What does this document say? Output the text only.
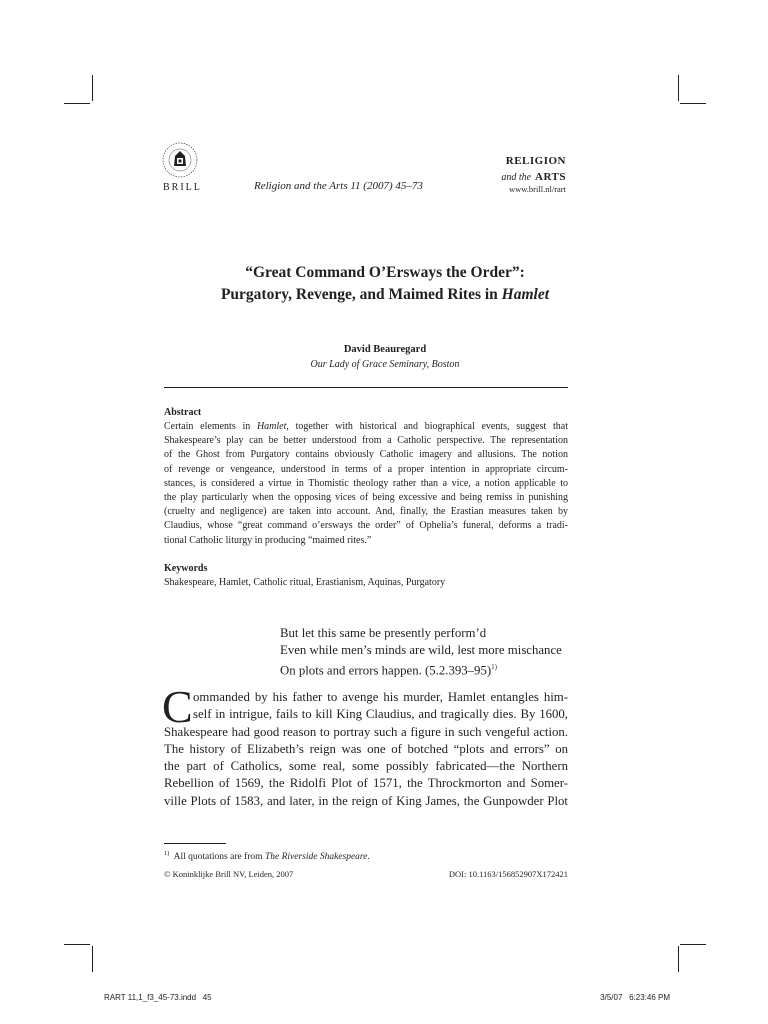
BRILL	Religion and the Arts 11 (2007) 45–73
RELIGION
and the ARTS
www.brill.nl/rart
“Great Command O’Ersways the Order”:
Purgatory, Revenge, and Maimed Rites in Hamlet
David Beauregard
Our Lady of Grace Seminary, Boston
Abstract
Certain elements in Hamlet, together with historical and biographical events, suggest that
Shakespeare’s play can be better understood from a Catholic perspective. The representation
of the Ghost from Purgatory contains obviously Catholic imagery and allusions. The notion
of revenge or vengeance, understood in terms of a proper intention in appropriate circum-
stances, is considered a virtue in Thomistic theology rather than a vice, a notion applicable to
the play particularly when the opposing vices of being excessive and being remiss in punishing
(cruelty and negligence) are taken into account. And, finally, the Erastian measures taken by
Claudius, whose “great command o’ersways the order” of Ophelia’s funeral, deforms a tradi-
tional Catholic liturgy in producing “maimed rites.”
Keywords
Shakespeare, Hamlet, Catholic ritual, Erastianism, Aquinas, Purgatory
But let this same be presently perform’d
Even while men’s minds are wild, lest more mischance
On plots and errors happen. $(5.2.393-95)^{1)}$
C ommanded by his father to avenge his murder, Hamlet entangles him-
self in intrigue, fails to kill King Claudius, and tragically dies. By 1600,
Shakespeare had good reason to portray such a figure in such vengeful action.
The history of Elizabeth’s reign was one of botched “plots and errors” on
the part of Catholics, some real, some possibly fabricated—the Northern
Rebellion of 1569, the Ridolfi Plot of 1571, the Throckmorton and Somer-
ville Plots of 1583, and later, in the reign of King James, the Gunpowder Plot
$^{1)}$ All quotations are from The Riverside Shakespeare.
© Koninklijke Brill NV, Leiden, 2007	DOI: 10.1163/156852907X172421
RART 11,1_f3_45-73.indd   45	3/5/07   6:23:46 PM
